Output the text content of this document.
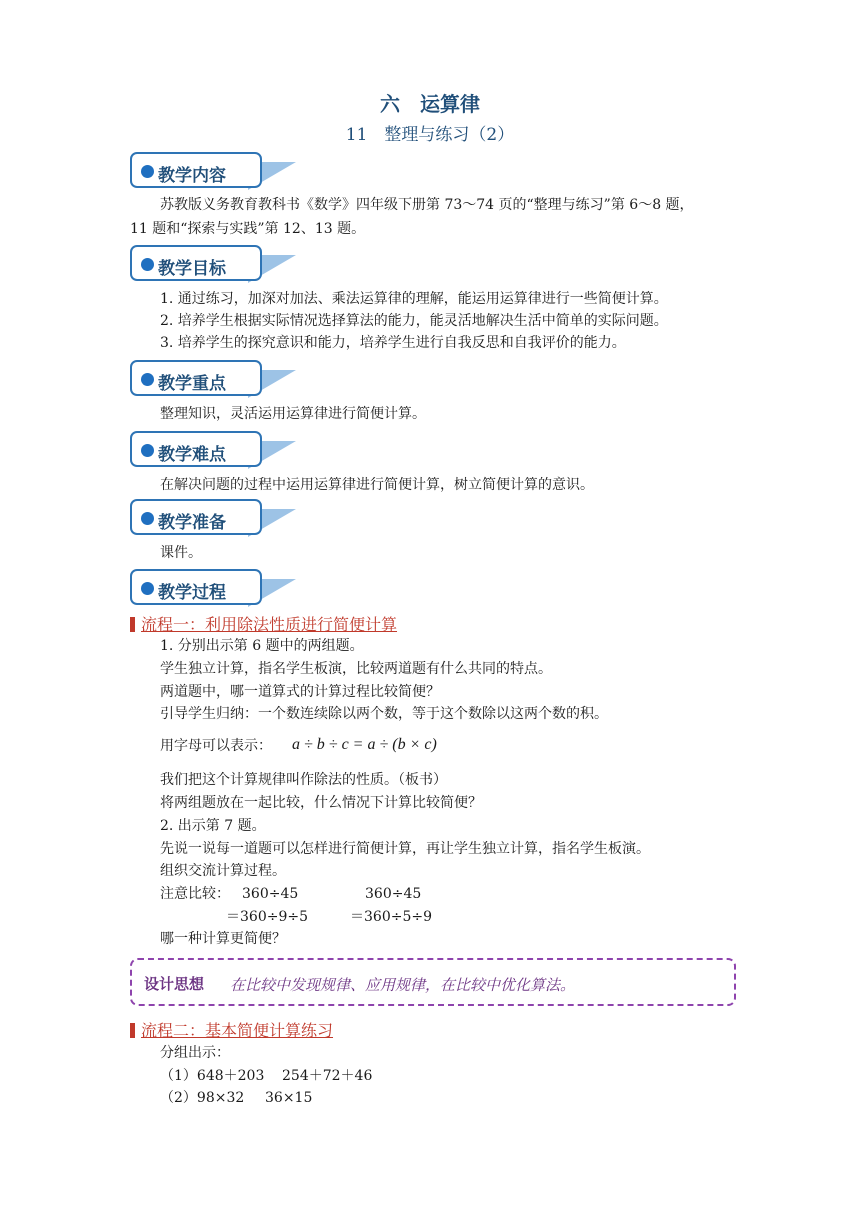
六　运算律
11　整理与练习（2）
教学内容
苏教版义务教育教科书《数学》四年级下册第 73～74 页的“整理与练习”第 6～8 题，
11 题和“探索与实践”第 12、13 题。
教学目标
1. 通过练习，加深对加法、乘法运算律的理解，能运用运算律进行一些简便计算。
2. 培养学生根据实际情况选择算法的能力，能灵活地解决生活中简单的实际问题。
3. 培养学生的探究意识和能力，培养学生进行自我反思和自我评价的能力。
教学重点
整理知识，灵活运用运算律进行简便计算。
教学难点
在解决问题的过程中运用运算律进行简便计算，树立简便计算的意识。
教学准备
课件。
教学过程
流程一：利用除法性质进行简便计算
1. 分别出示第 6 题中的两组题。
学生独立计算，指名学生板演，比较两道题有什么共同的特点。
两道题中，哪一道算式的计算过程比较简便？
引导学生归纳：一个数连续除以两个数，等于这个数除以这两个数的积。
用字母可以表示： a ÷ b ÷ c = a ÷ (b × c)
我们把这个计算规律叫作除法的性质。（板书）
将两组题放在一起比较，什么情况下计算比较简便？
2. 出示第 7 题。
先说一说每一道题可以怎样进行简便计算，再让学生独立计算，指名学生板演。
组织交流计算过程。
注意比较： 360÷45	360÷45
＝360÷9÷5	＝360÷5÷9
哪一种计算更简便？
设计思想 在比较中发现规律、应用规律，在比较中优化算法。
流程二：基本简便计算练习
分组出示：
（1）648＋203 254＋72＋46
（2）98×32 36×15
